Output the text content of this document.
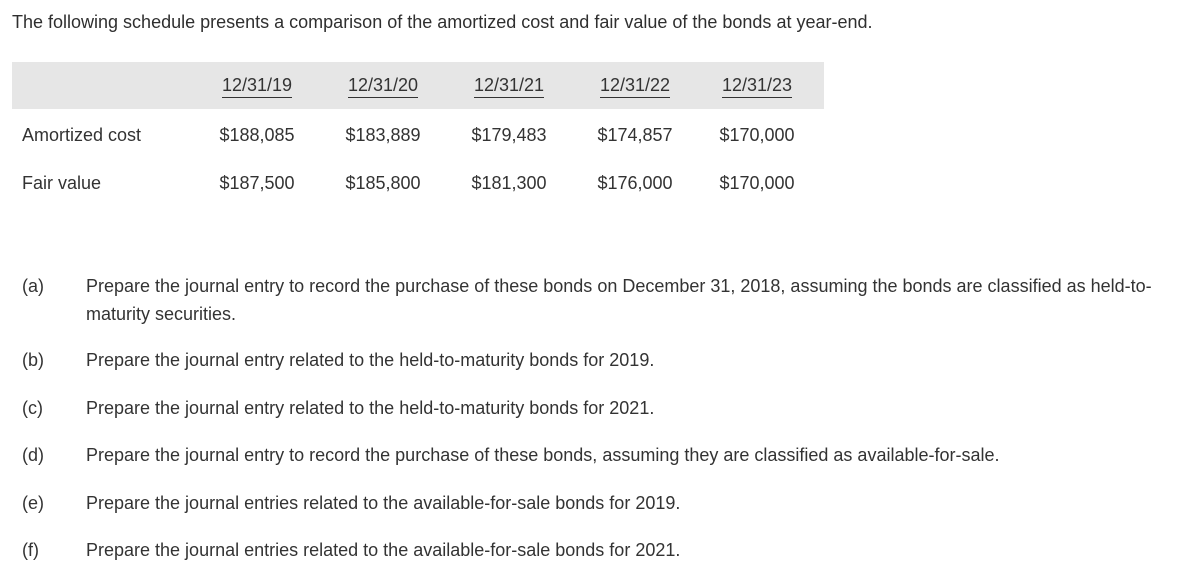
The following schedule presents a comparison of the amortized cost and fair value of the bonds at year-end.
	12/31/19	12/31/20	12/31/21	12/31/22	12/31/23
Amortized cost	$188,085	$183,889	$179,483	$174,857	$170,000
Fair value	$187,500	$185,800	$181,300	$176,000	$170,000
(a)	Prepare the journal entry to record the purchase of these bonds on December 31, 2018, assuming the bonds are classified as held-to-maturity securities.
(b)	Prepare the journal entry related to the held-to-maturity bonds for 2019.
(c)	Prepare the journal entry related to the held-to-maturity bonds for 2021.
(d)	Prepare the journal entry to record the purchase of these bonds, assuming they are classified as available-for-sale.
(e)	Prepare the journal entries related to the available-for-sale bonds for 2019.
(f)	Prepare the journal entries related to the available-for-sale bonds for 2021.
